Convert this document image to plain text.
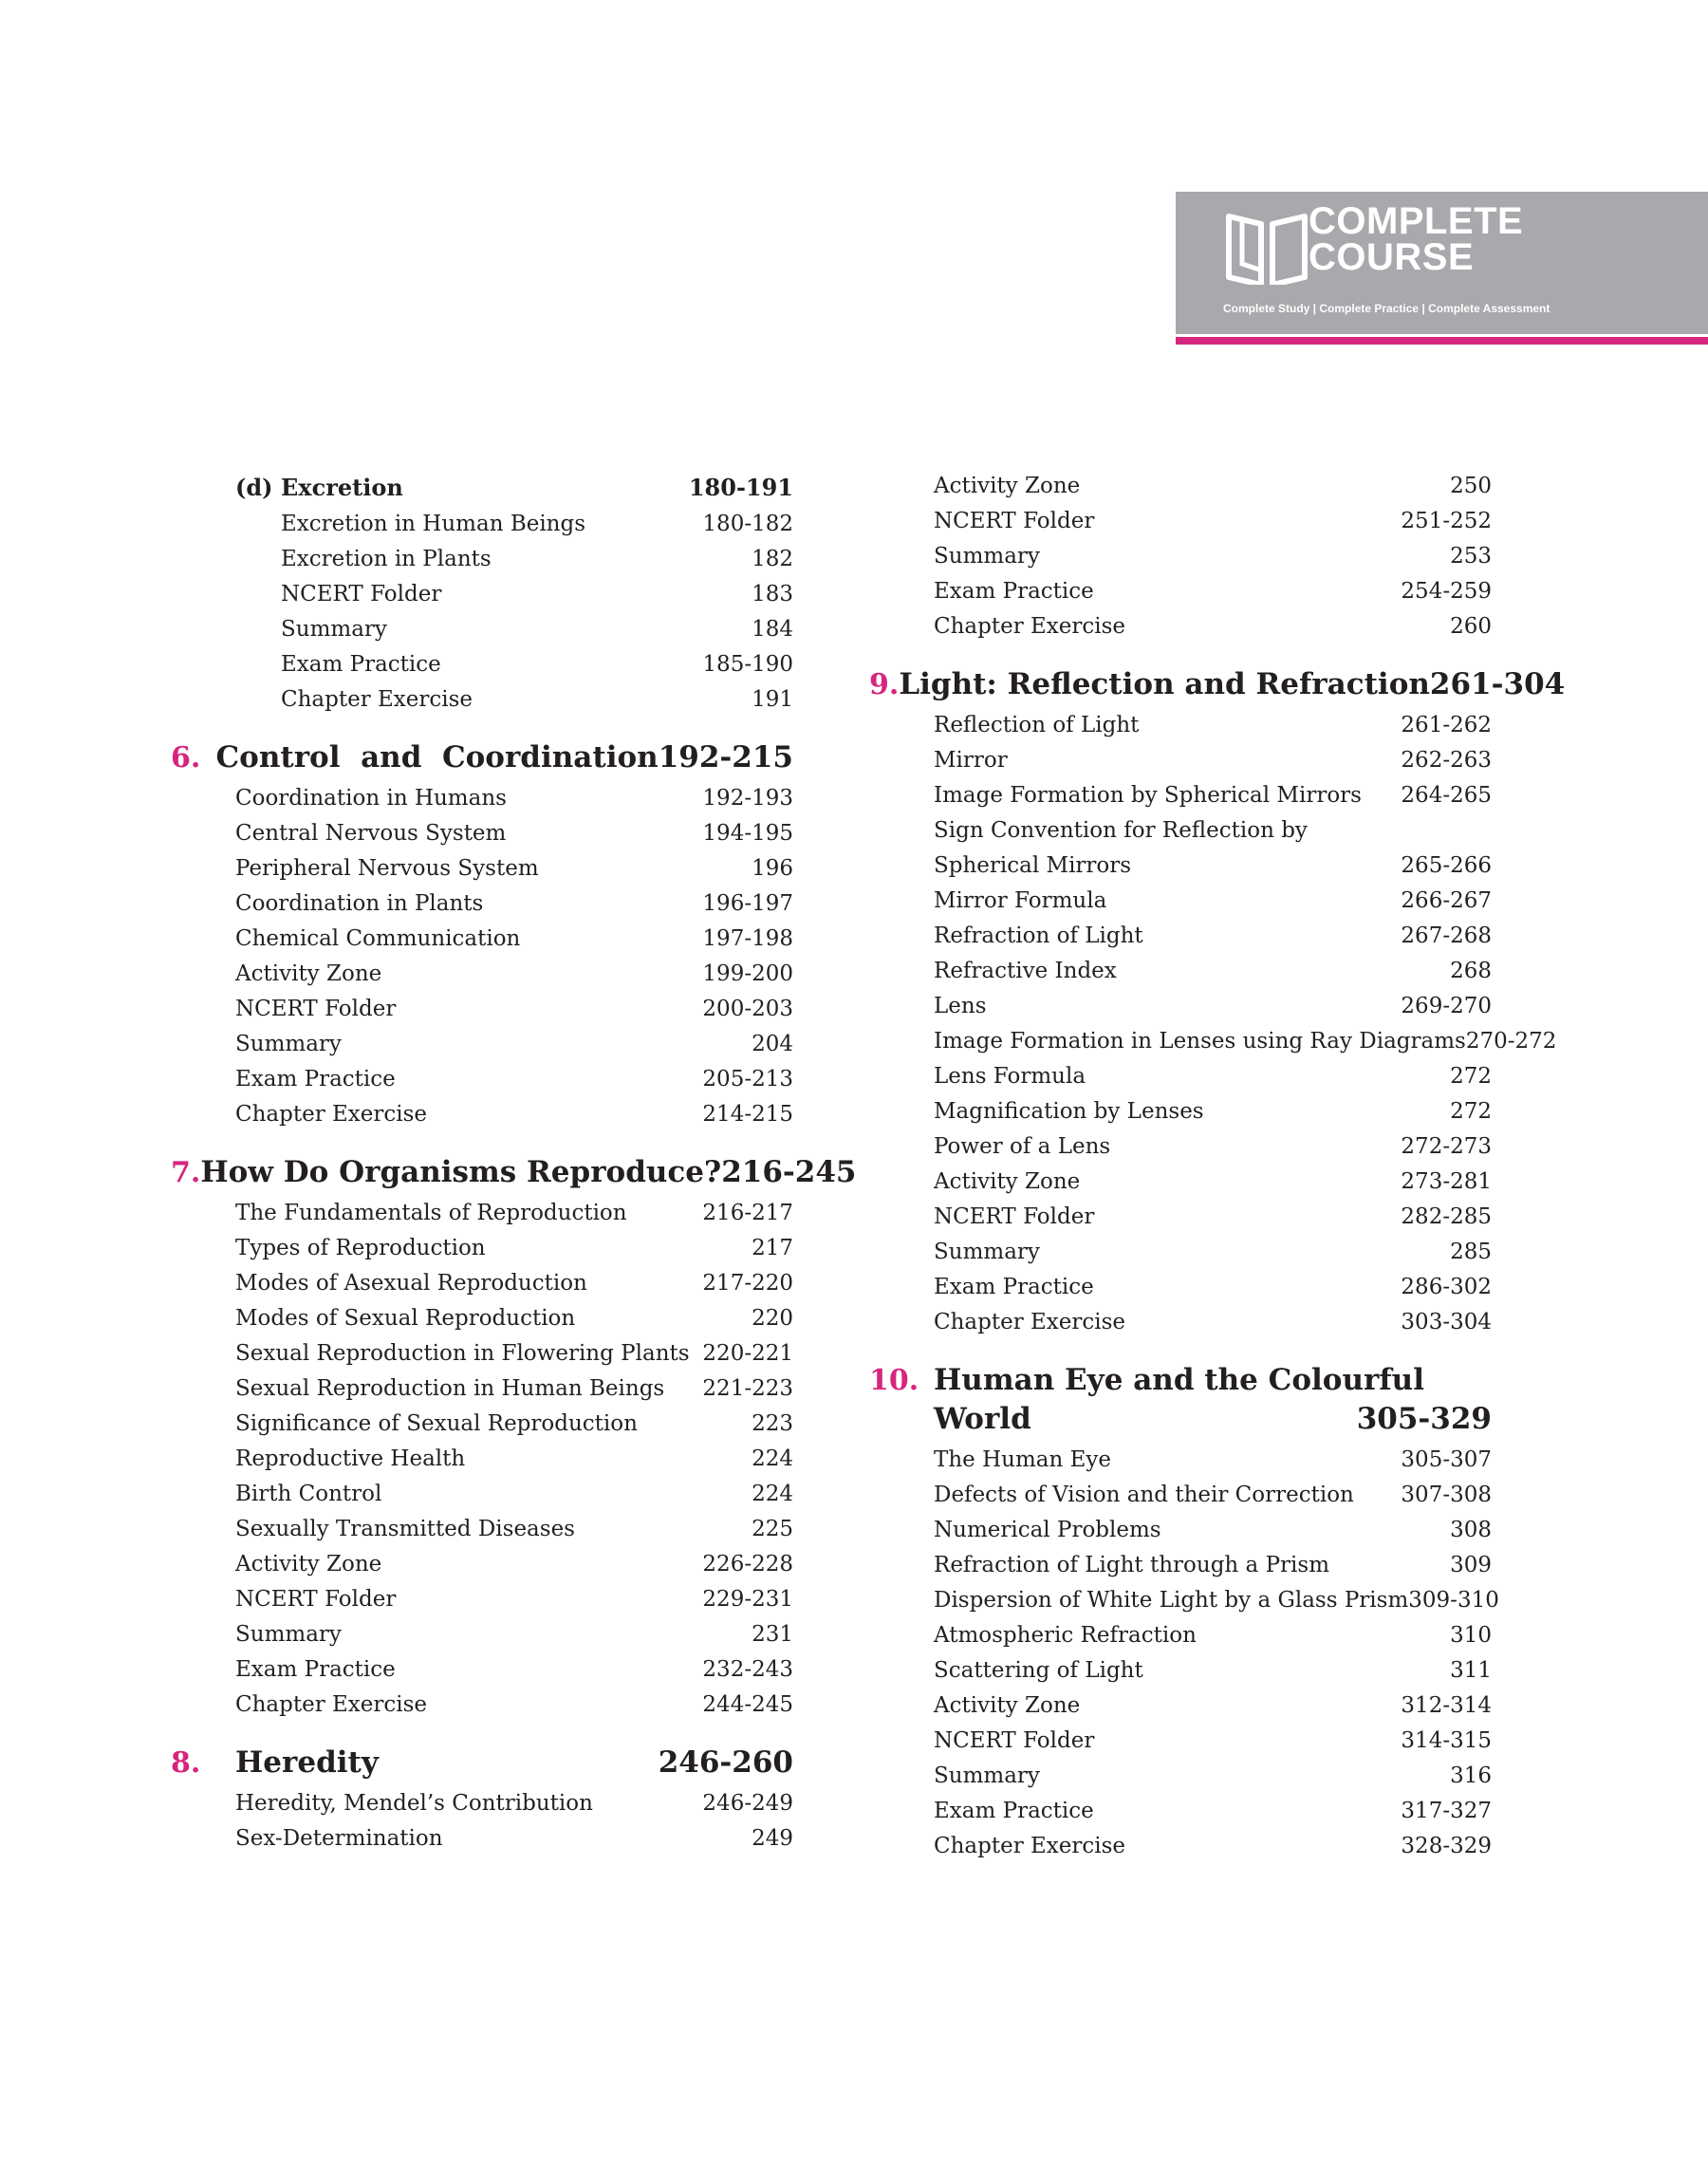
COMPLETE
COURSE
Complete Study | Complete Practice | Complete Assessment
(d) Excretion	180-191
Excretion in Human Beings	180-182
Excretion in Plants	182
NCERT Folder	183
Summary	184
Exam Practice	185-190
Chapter Exercise	191
6. Control  and  Coordination 192-215
Coordination in Humans	192-193
Central Nervous System	194-195
Peripheral Nervous System	196
Coordination in Plants	196-197
Chemical Communication	197-198
Activity Zone	199-200
NCERT Folder	200-203
Summary	204
Exam Practice	205-213
Chapter Exercise	214-215
7. How Do Organisms Reproduce? 216-245
The Fundamentals of Reproduction	216-217
Types of Reproduction	217
Modes of Asexual Reproduction	217-220
Modes of Sexual Reproduction	220
Sexual Reproduction in Flowering Plants 220-221
Sexual Reproduction in Human Beings	221-223
Significance of Sexual Reproduction	223
Reproductive Health	224
Birth Control	224
Sexually Transmitted Diseases	225
Activity Zone	226-228
NCERT Folder	229-231
Summary	231
Exam Practice	232-243
Chapter Exercise	244-245
8.	Heredity	246-260
Heredity, Mendel’s Contribution	246-249
Sex-Determination	249
Activity Zone	250
NCERT Folder	251-252
Summary	253
Exam Practice	254-259
Chapter Exercise	260
9. Light: Reflection and Refraction 261-304
Reflection of Light	261-262
Mirror	262-263
Image Formation by Spherical Mirrors	264-265
Sign Convention for Reflection by
Spherical Mirrors	265-266
Mirror Formula	266-267
Refraction of Light	267-268
Refractive Index	268
Lens	269-270
Image Formation in Lenses using Ray Diagrams 270-272
Lens Formula	272
Magnification by Lenses	272
Power of a Lens	272-273
Activity Zone	273-281
NCERT Folder	282-285
Summary	285
Exam Practice	286-302
Chapter Exercise	303-304
10. Human Eye and the Colourful
World	305-329
The Human Eye	305-307
Defects of Vision and their Correction	307-308
Numerical Problems	308
Refraction of Light through a Prism	309
Dispersion of White Light by a Glass Prism 309-310
Atmospheric Refraction	310
Scattering of Light	311
Activity Zone	312-314
NCERT Folder	314-315
Summary	316
Exam Practice	317-327
Chapter Exercise	328-329
